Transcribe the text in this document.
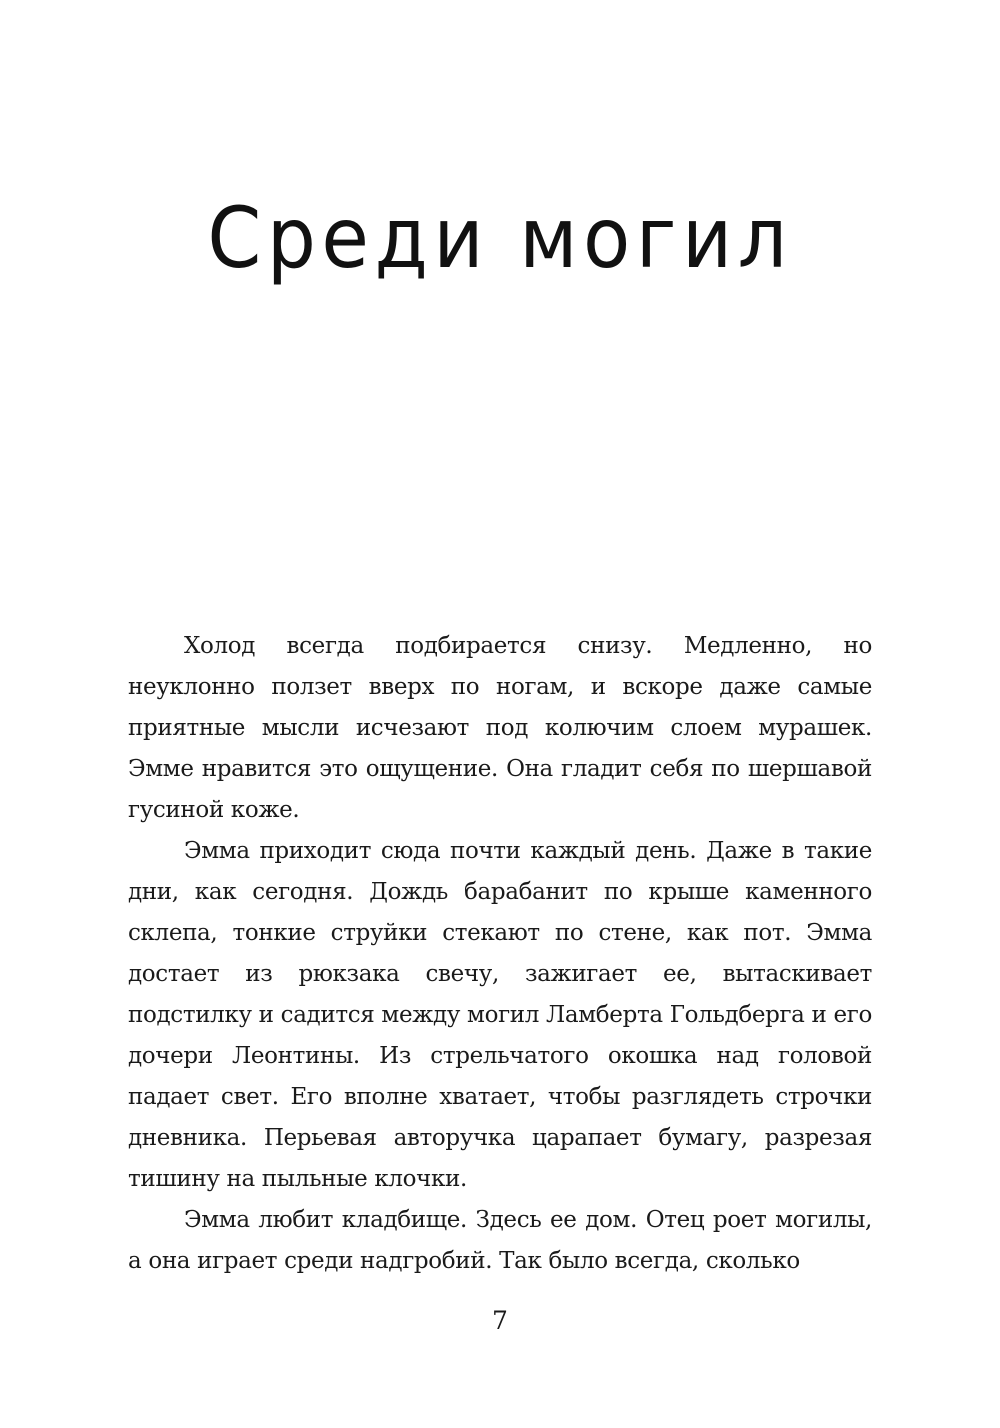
Среди могил

Холод всегда подбирается снизу. Медленно, но неуклонно ползет вверх по ногам, и вскоре даже самые приятные мысли исчезают под колючим слоем мурашек. Эмме нравится это ощущение. Она гладит себя по шершавой гусиной коже.

Эмма приходит сюда почти каждый день. Даже в такие дни, как сегодня. Дождь барабанит по крыше каменного склепа, тонкие струйки стекают по стене, как пот. Эмма достает из рюкзака свечу, зажигает ее, вытаскивает подстилку и садится между могил Ламберта Гольдберга и его дочери Леонтины. Из стрельчатого окошка над головой падает свет. Его вполне хватает, чтобы разглядеть строчки дневника. Перьевая авторучка царапает бумагу, разрезая тишину на пыльные клочки.

Эмма любит кладбище. Здесь ее дом. Отец роет могилы, а она играет среди надгробий. Так было всегда, сколько

7
